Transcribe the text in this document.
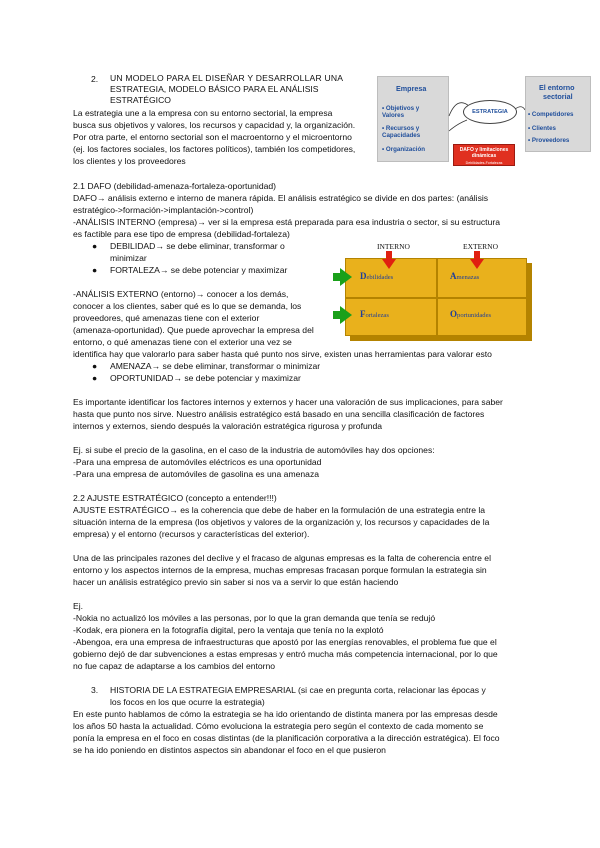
2. UN MODELO PARA EL DISEÑAR Y DESARROLLAR UNA
ESTRATEGIA, MODELO BÁSICO PARA EL ANÁLISIS
ESTRATÉGICO
La estrategia une a la empresa con su entorno sectorial, la empresa
busca sus objetivos y valores, los recursos y capacidad y, la organización.
Por otra parte, el entorno sectorial son el macroentorno y el microentorno
(ej. los factores sociales, los factores políticos), también los competidores,
los clientes y los proveedores
Empresa
• Objetivos y
Valores
• Recursos y
Capacidades
• Organización
ESTRATEGIA
El entorno
sectorial
• Competidores
• Clientes
• Proveedores
DAFO y limitaciones
dinámicas
Debilidades-Fortalezas
Oportunidades-Amenazas
2.1 DAFO (debilidad-amenaza-fortaleza-oportunidad)
DAFO→ análisis externo e interno de manera rápida. El análisis estratégico se divide en dos partes: (análisis
estratégico->formación->implantación->control)
-ANÁLISIS INTERNO (empresa)→ ver si la empresa está preparada para esa industria o sector, si su estructura
es factible para ese tipo de empresa (debilidad-fortaleza)
● DEBILIDAD→ se debe eliminar, transformar o
minimizar
● FORTALEZA→ se debe potenciar y maximizar
-ANÁLISIS EXTERNO (entorno)→ conocer a los demás,
conocer a los clientes, saber qué es lo que se demanda, los
proveedores, qué amenazas tiene con el exterior
(amenaza-oportunidad). Que puede aprovechar la empresa del
entorno, o qué amenazas tiene con el exterior una vez se
identifica hay que valorarlo para saber hasta qué punto nos sirve, existen unas herramientas para valorar esto
● AMENAZA→ se debe eliminar, transformar o minimizar
● OPORTUNIDAD→ se debe potenciar y maximizar
INTERNO	EXTERNO
Debilidades	Amenazas
Fortalezas	Oportunidades
Es importante identificar los factores internos y externos y hacer una valoración de sus implicaciones, para saber
hasta que punto nos sirve. Nuestro análisis estratégico está basado en una sencilla clasificación de factores
internos y externos, siendo después la valoración estratégica rigurosa y profunda
Ej. si sube el precio de la gasolina, en el caso de la industria de automóviles hay dos opciones:
-Para una empresa de automóviles eléctricos es una oportunidad
-Para una empresa de automóviles de gasolina es una amenaza
2.2 AJUSTE ESTRATÉGICO (concepto a entender!!!)
AJUSTE ESTRATÉGICO→ es la coherencia que debe de haber en la formulación de una estrategia entre la
situación interna de la empresa (los objetivos y valores de la organización y, los recursos y capacidades de la
empresa) y el entorno (recursos y características del exterior).
Una de las principales razones del declive y el fracaso de algunas empresas es la falta de coherencia entre el
entorno y los aspectos internos de la empresa, muchas empresas fracasan porque formulan la estrategia sin
hacer un análisis estratégico previo sin saber si nos va a servir lo que están haciendo
Ej.
-Nokia no actualizó los móviles a las personas, por lo que la gran demanda que tenía se redujó
-Kodak, era pionera en la fotografía digital, pero la ventaja que tenía no la explotó
-Abengoa, era una empresa de infraestructuras que apostó por las energías renovables, el problema fue que el
gobierno dejó de dar subvenciones a estas empresas y entró mucha más competencia internacional, por lo que
no fue capaz de adaptarse a los cambios del entorno
3. HISTORIA DE LA ESTRATEGIA EMPRESARIAL (si cae en pregunta corta, relacionar las épocas y
los focos en los que ocurre la estrategia)
En este punto hablamos de cómo la estrategia se ha ido orientando de distinta manera por las empresas desde
los años 50 hasta la actualidad. Cómo evoluciona la estrategia pero según el contexto de cada momento se
ponía la empresa en el foco en cosas distintas (de la planificación corporativa a la dirección estratégica). El foco
se ha ido poniendo en distintos aspectos sin abandonar el foco en el que pusieron
